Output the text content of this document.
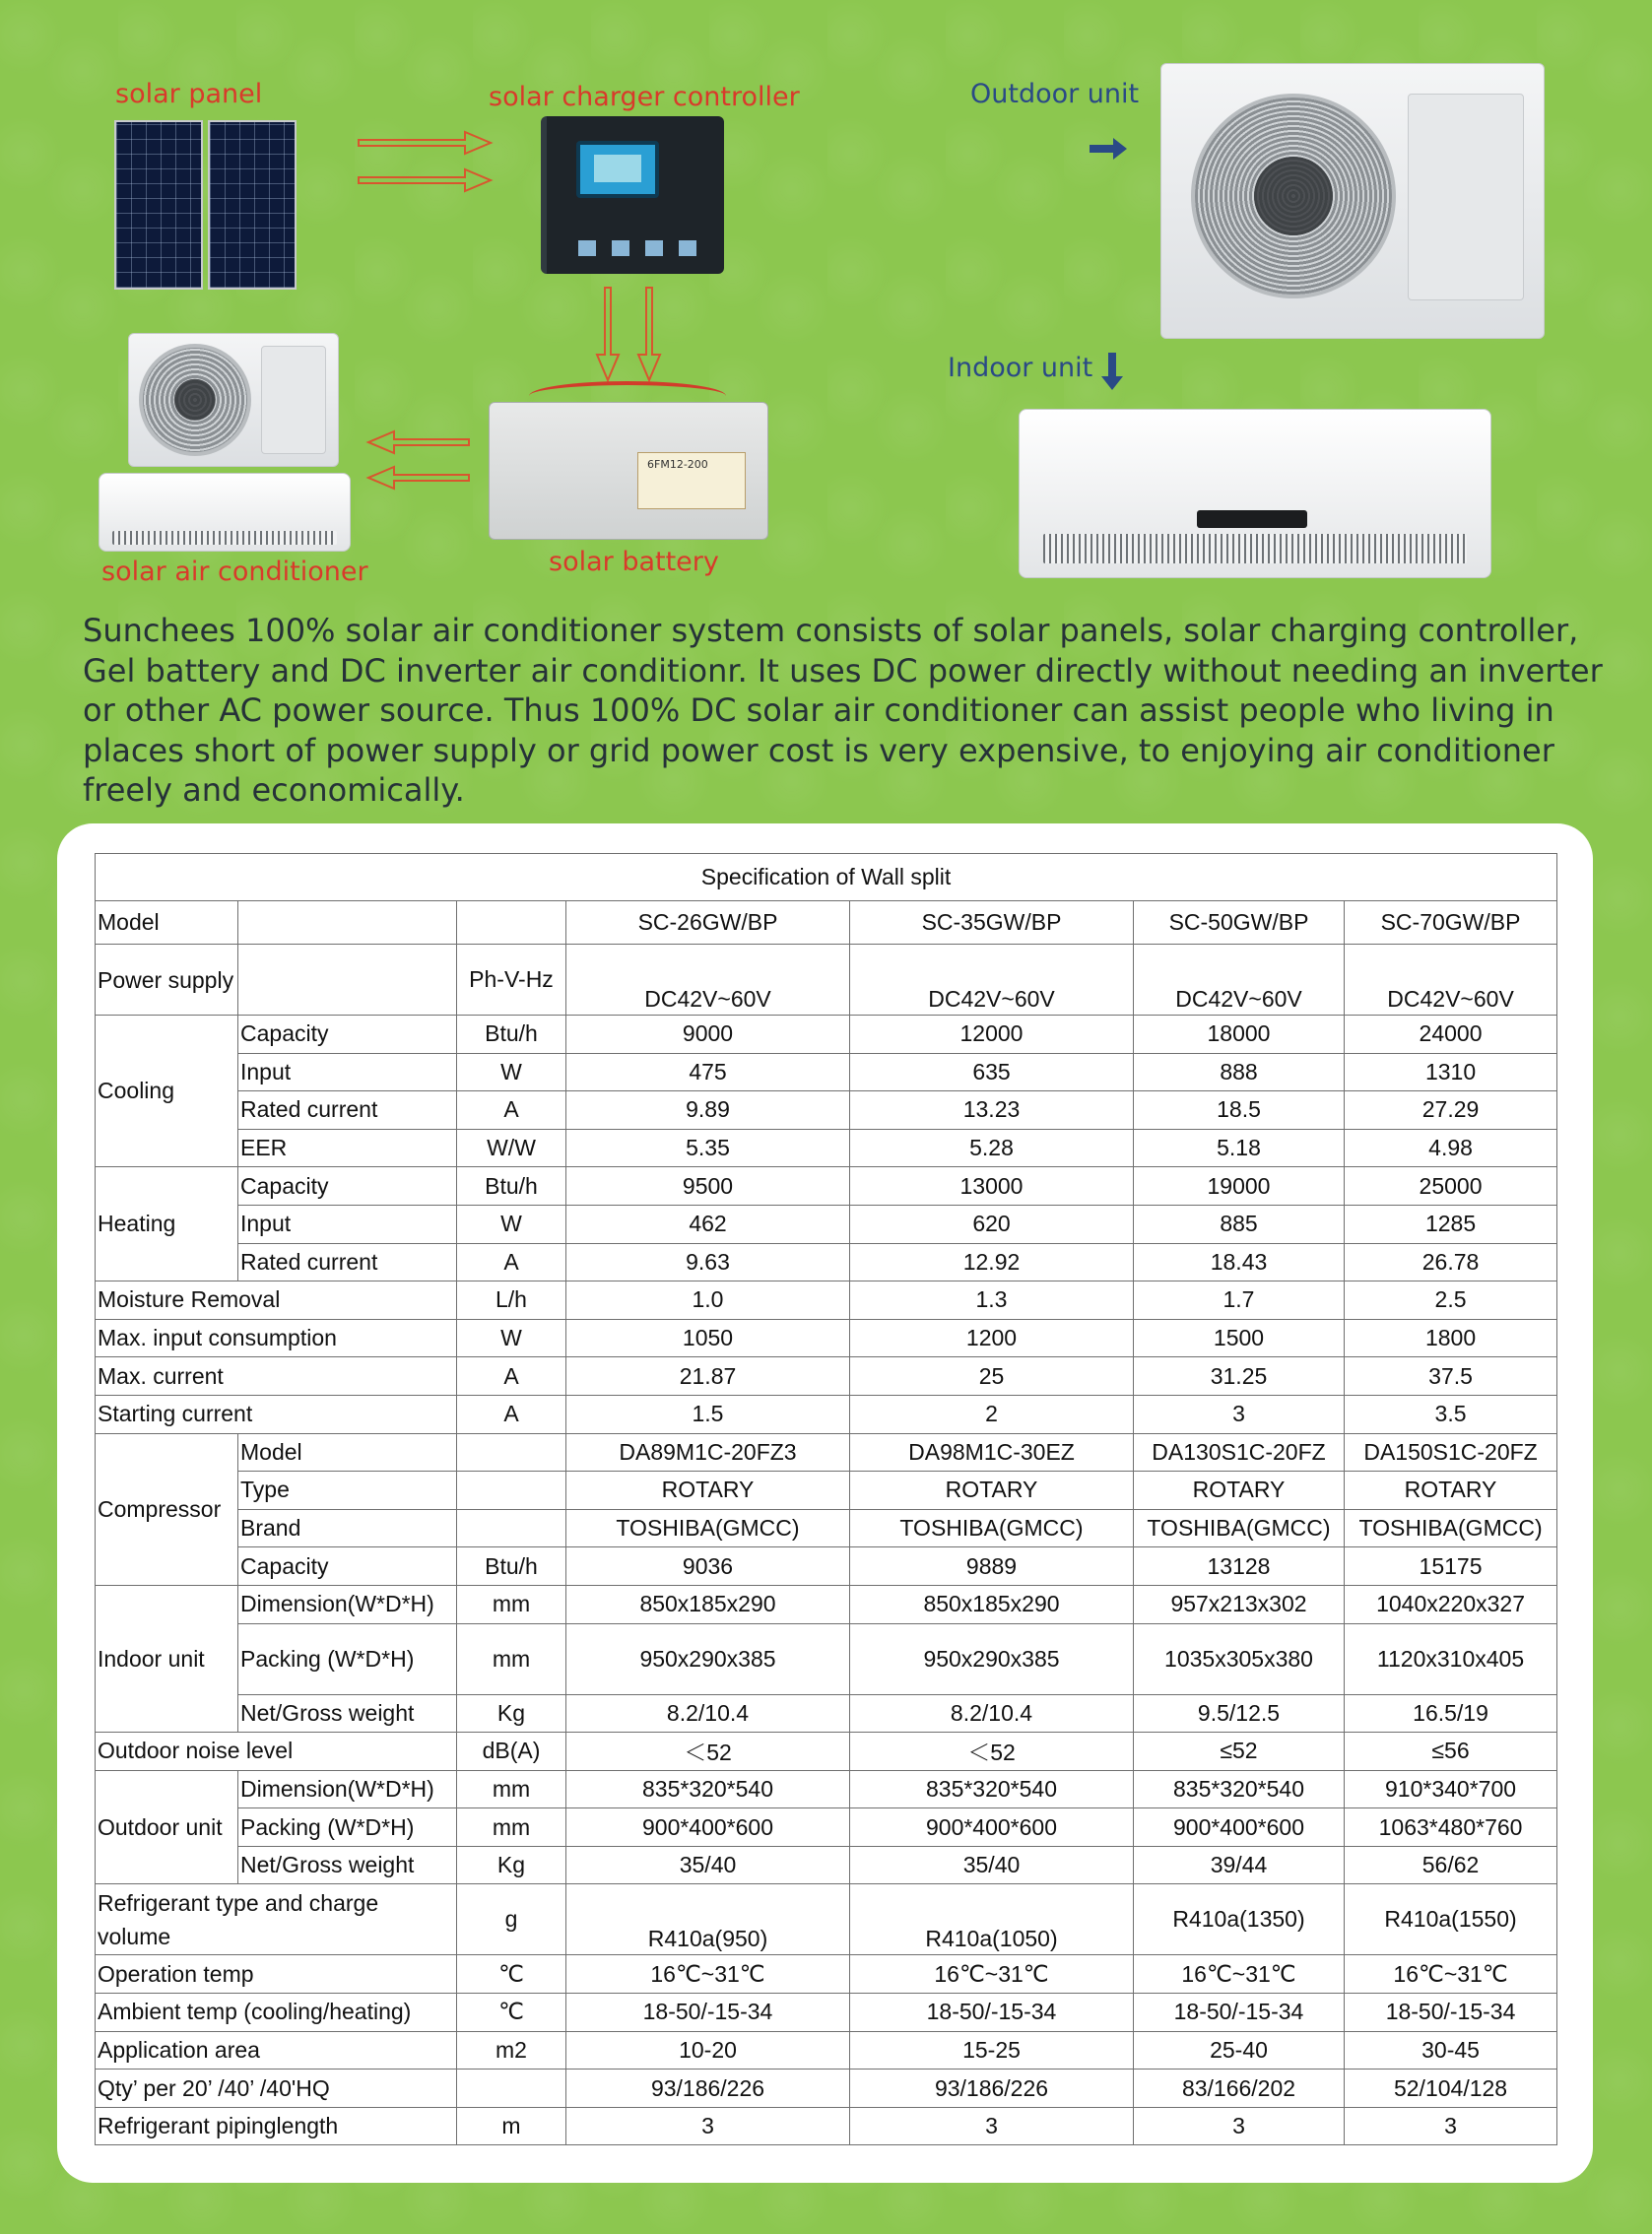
solar panel	solar charger controller
6FM12-200
solar battery
solar air conditioner
Outdoor unit
Indoor unit

Sunchees 100% solar air conditioner system consists of solar panels, solar charging controller, Gel battery and DC inverter air conditionr. It uses DC power directly without needing an inverter or other AC power source. Thus 100% DC solar air conditioner can assist people who living in places short of power supply or grid power cost is very expensive, to enjoying air conditioner freely and economically.

Specification of Wall split						
Model			SC-26GW/BP	SC-35GW/BP	SC-50GW/BP	SC-70GW/BP
Power supply		Ph-V-Hz	DC42V~60V	DC42V~60V	DC42V~60V	DC42V~60V
Cooling	Capacity	Btu/h	9000	12000	18000	24000
	Input	W	475	635	888	1310
	Rated current	A	9.89	13.23	18.5	27.29
	EER	W/W	5.35	5.28	5.18	4.98
Heating	Capacity	Btu/h	9500	13000	19000	25000
	Input	W	462	620	885	1285
	Rated current	A	9.63	12.92	18.43	26.78
Moisture Removal		L/h	1.0	1.3	1.7	2.5
Max. input consumption		W	1050	1200	1500	1800
Max. current		A	21.87	25	31.25	37.5
Starting current		A	1.5	2	3	3.5
Compressor	Model		DA89M1C-20FZ3	DA98M1C-30EZ	DA130S1C-20FZ	DA150S1C-20FZ
	Type		ROTARY	ROTARY	ROTARY	ROTARY
	Brand		TOSHIBA(GMCC)	TOSHIBA(GMCC)	TOSHIBA(GMCC)	TOSHIBA(GMCC)
	Capacity	Btu/h	9036	9889	13128	15175
Indoor unit	Dimension(W*D*H)	mm	850x185x290	850x185x290	957x213x302	1040x220x327
	Packing (W*D*H)	mm	950x290x385	950x290x385	1035x305x380	1120x310x405
	Net/Gross weight	Kg	8.2/10.4	8.2/10.4	9.5/12.5	16.5/19
Outdoor noise level		dB(A)	＜52	＜52	≤52	≤56
Outdoor unit	Dimension(W*D*H)	mm	835*320*540	835*320*540	835*320*540	910*340*700
	Packing (W*D*H)	mm	900*400*600	900*400*600	900*400*600	1063*480*760
	Net/Gross weight	Kg	35/40	35/40	39/44	56/62
Refrigerant type and charge volume		g	R410a(950)	R410a(1050)	R410a(1350)	R410a(1550)
Operation temp		℃	16℃~31℃	16℃~31℃	16℃~31℃	16℃~31℃
Ambient temp (cooling/heating)		℃	18-50/-15-34	18-50/-15-34	18-50/-15-34	18-50/-15-34
Application area		m2	10-20	15-25	25-40	30-45
Qty’ per 20’ /40’ /40'HQ			93/186/226	93/186/226	83/166/202	52/104/128
Refrigerant pipinglength		m	3	3	3	3
